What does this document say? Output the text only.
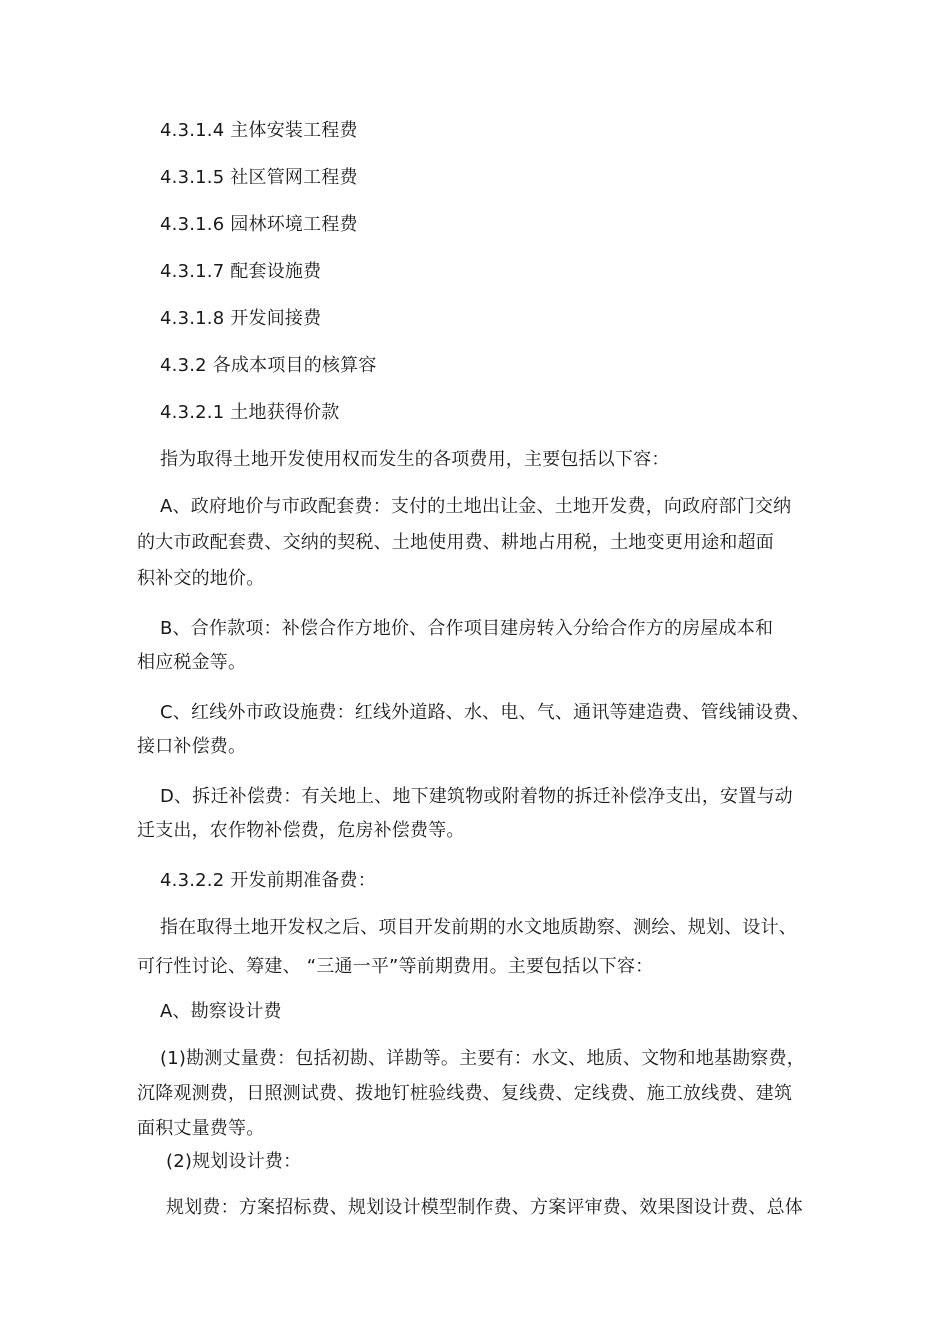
4.3.1.4 主体安装工程费
4.3.1.5 社区管网工程费
4.3.1.6 园林环境工程费
4.3.1.7 配套设施费
4.3.1.8 开发间接费
4.3.2 各成本项目的核算容
4.3.2.1 土地获得价款
指为取得土地开发使用权而发生的各项费用，主要包括以下容：
A、政府地价与市政配套费：支付的土地出让金、土地开发费，向政府部门交纳
的大市政配套费、交纳的契税、土地使用费、耕地占用税，土地变更用途和超面
积补交的地价。
B、合作款项：补偿合作方地价、合作项目建房转入分给合作方的房屋成本和
相应税金等。
C、红线外市政设施费：红线外道路、水、电、气、通讯等建造费、管线铺设费、
接口补偿费。
D、拆迁补偿费：有关地上、地下建筑物或附着物的拆迁补偿净支出，安置与动
迁支出，农作物补偿费，危房补偿费等。
4.3.2.2 开发前期准备费：
指在取得土地开发权之后、项目开发前期的水文地质勘察、测绘、规划、设计、
可行性讨论、筹建、 “三通一平”等前期费用。主要包括以下容：
A、勘察设计费
(1)勘测丈量费：包括初勘、详勘等。主要有：水文、地质、文物和地基勘察费，
沉降观测费，日照测试费、拨地钉桩验线费、复线费、定线费、施工放线费、建筑
面积丈量费等。
(2)规划设计费：
规划费：方案招标费、规划设计模型制作费、方案评审费、效果图设计费、总体
